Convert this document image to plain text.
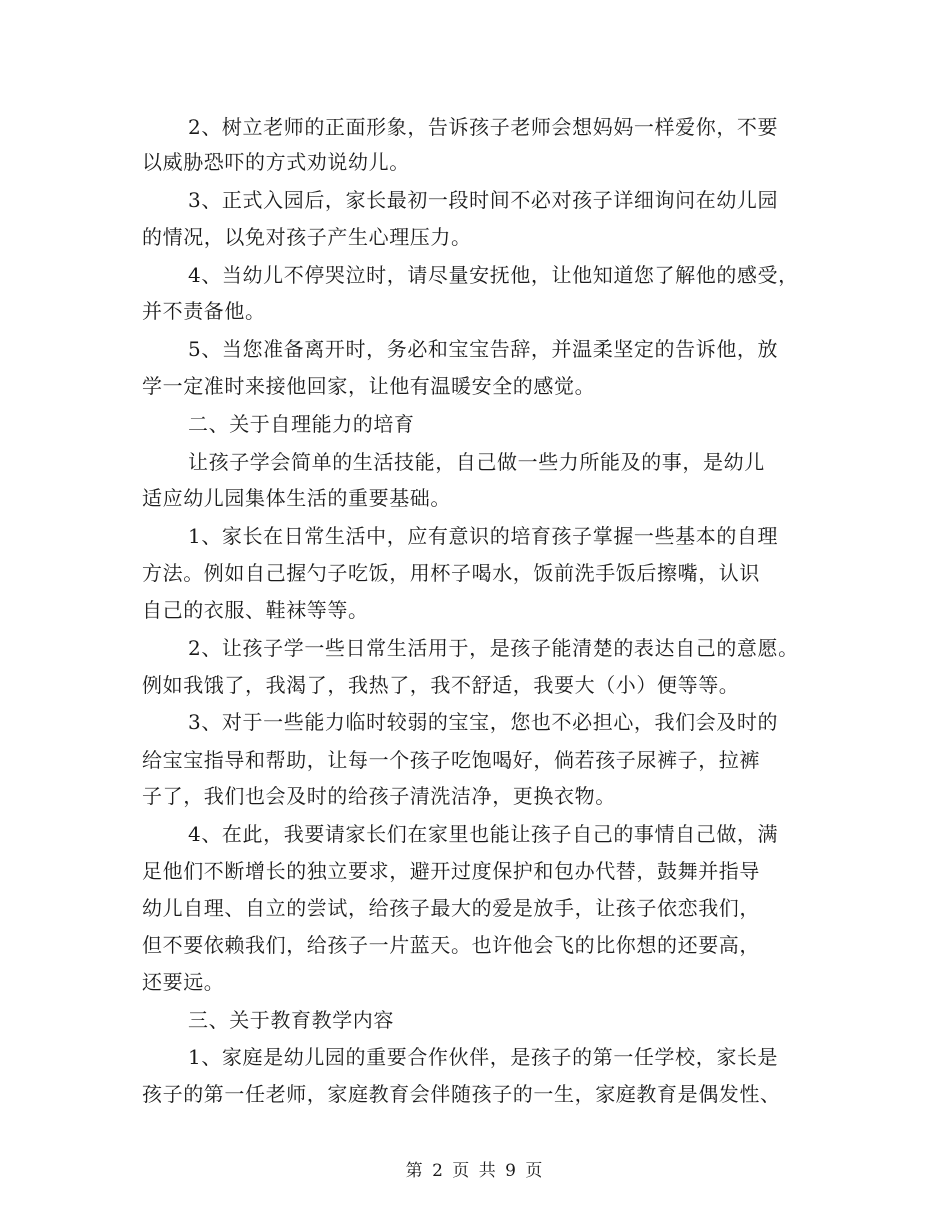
2、树立老师的正面形象，告诉孩子老师会想妈妈一样爱你，不要
以威胁恐吓的方式劝说幼儿。
3、正式入园后，家长最初一段时间不必对孩子详细询问在幼儿园
的情况，以免对孩子产生心理压力。
4、当幼儿不停哭泣时，请尽量安抚他，让他知道您了解他的感受，
并不责备他。
5、当您准备离开时，务必和宝宝告辞，并温柔坚定的告诉他，放
学一定准时来接他回家，让他有温暖安全的感觉。
二、关于自理能力的培育
让孩子学会简单的生活技能，自己做一些力所能及的事，是幼儿
适应幼儿园集体生活的重要基础。
1、家长在日常生活中，应有意识的培育孩子掌握一些基本的自理
方法。例如自己握勺子吃饭，用杯子喝水，饭前洗手饭后擦嘴，认识
自己的衣服、鞋袜等等。
2、让孩子学一些日常生活用于，是孩子能清楚的表达自己的意愿。
例如我饿了，我渴了，我热了，我不舒适，我要大（小）便等等。
3、对于一些能力临时较弱的宝宝，您也不必担心，我们会及时的
给宝宝指导和帮助，让每一个孩子吃饱喝好，倘若孩子尿裤子，拉裤
子了，我们也会及时的给孩子清洗洁净，更换衣物。
4、在此，我要请家长们在家里也能让孩子自己的事情自己做，满
足他们不断增长的独立要求，避开过度保护和包办代替，鼓舞并指导
幼儿自理、自立的尝试，给孩子最大的爱是放手，让孩子依恋我们，
但不要依赖我们，给孩子一片蓝天。也许他会飞的比你想的还要高，
还要远。
三、关于教育教学内容
1、家庭是幼儿园的重要合作伙伴，是孩子的第一任学校，家长是
孩子的第一任老师，家庭教育会伴随孩子的一生，家庭教育是偶发性、
第 2 页 共 9 页
